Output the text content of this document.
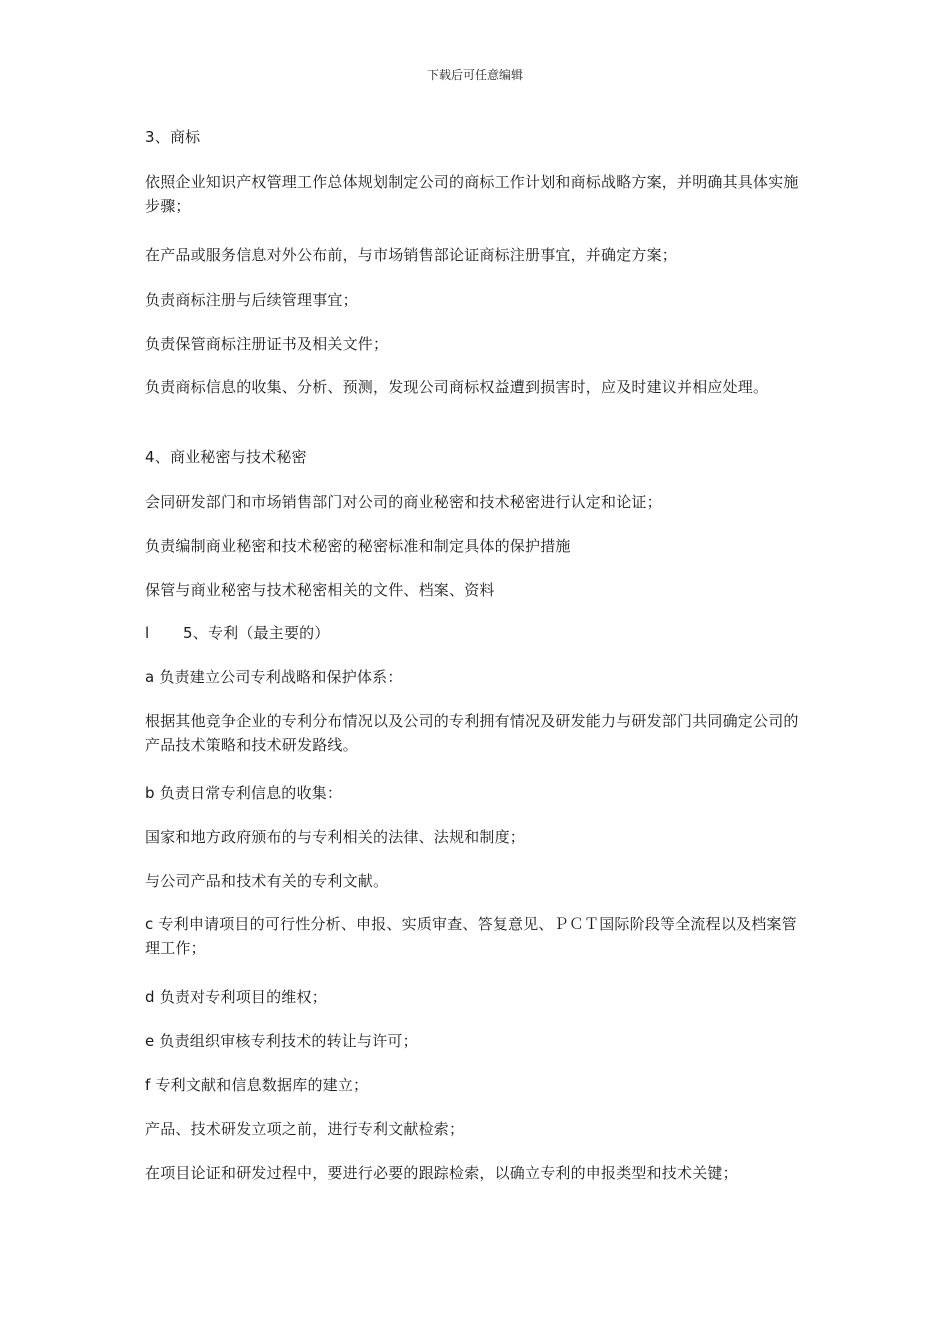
下载后可任意编辑
3、商标
依照企业知识产权管理工作总体规划制定公司的商标工作计划和商标战略方案，并明确其具体实施步骤；
在产品或服务信息对外公布前，与市场销售部论证商标注册事宜，并确定方案；
负责商标注册与后续管理事宜；
负责保管商标注册证书及相关文件；
负责商标信息的收集、分析、预测，发现公司商标权益遭到损害时，应及时建议并相应处理。
4、商业秘密与技术秘密
会同研发部门和市场销售部门对公司的商业秘密和技术秘密进行认定和论证；
负责编制商业秘密和技术秘密的秘密标准和制定具体的保护措施
保管与商业秘密与技术秘密相关的文件、档案、资料
l 5、专利（最主要的）
a 负责建立公司专利战略和保护体系：
根据其他竞争企业的专利分布情况以及公司的专利拥有情况及研发能力与研发部门共同确定公司的产品技术策略和技术研发路线。
b 负责日常专利信息的收集：
国家和地方政府颁布的与专利相关的法律、法规和制度；
与公司产品和技术有关的专利文献。
c 专利申请项目的可行性分析、申报、实质审查、答复意见、ＰＣＴ国际阶段等全流程以及档案管理工作；
d 负责对专利项目的维权；
e 负责组织审核专利技术的转让与许可；
f 专利文献和信息数据库的建立；
产品、技术研发立项之前，进行专利文献检索；
在项目论证和研发过程中，要进行必要的跟踪检索，以确立专利的申报类型和技术关键；
